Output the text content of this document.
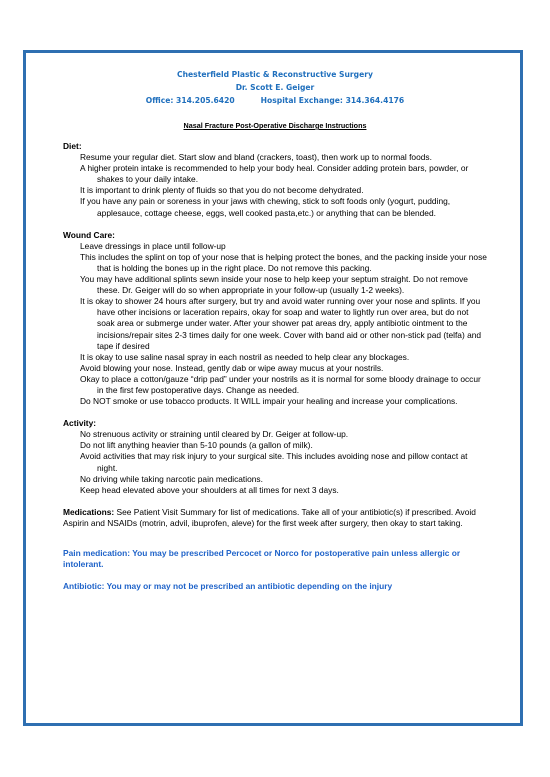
Chesterfield Plastic & Reconstructive Surgery
Dr. Scott E. Geiger
Office: 314.205.6420	Hospital Exchange: 314.364.4176
Nasal Fracture Post-Operative Discharge Instructions
Diet:
Resume your regular diet. Start slow and bland (crackers, toast), then work up to normal foods.
A higher protein intake is recommended to help your body heal. Consider adding protein bars, powder, or shakes to your daily intake.
It is important to drink plenty of fluids so that you do not become dehydrated.
If you have any pain or soreness in your jaws with chewing, stick to soft foods only (yogurt, pudding, applesauce, cottage cheese, eggs, well cooked pasta,etc.) or anything that can be blended.
Wound Care:
Leave dressings in place until follow-up
This includes the splint on top of your nose that is helping protect the bones, and the packing inside your nose that is holding the bones up in the right place. Do not remove this packing.
You may have additional splints sewn inside your nose to help keep your septum straight. Do not remove these. Dr. Geiger will do so when appropriate in your follow-up (usually 1-2 weeks).
It is okay to shower 24 hours after surgery, but try and avoid water running over your nose and splints. If you have other incisions or laceration repairs, okay for soap and water to lightly run over area, but do not soak area or submerge under water. After your shower pat areas dry, apply antibiotic ointment to the incisions/repair sites 2-3 times daily for one week. Cover with band aid or other non-stick pad (telfa) and tape if desired
It is okay to use saline nasal spray in each nostril as needed to help clear any blockages.
Avoid blowing your nose. Instead, gently dab or wipe away mucus at your nostrils.
Okay to place a cotton/gauze “drip pad” under your nostrils as it is normal for some bloody drainage to occur in the first few postoperative days. Change as needed.
Do NOT smoke or use tobacco products. It WILL impair your healing and increase your complications.
Activity:
No strenuous activity or straining until cleared by Dr. Geiger at follow-up.
Do not lift anything heavier than 5-10 pounds (a gallon of milk).
Avoid activities that may risk injury to your surgical site. This includes avoiding nose and pillow contact at night.
No driving while taking narcotic pain medications.
Keep head elevated above your shoulders at all times for next 3 days.

Medications: See Patient Visit Summary for list of medications. Take all of your antibiotic(s) if prescribed. Avoid Aspirin and NSAIDs (motrin, advil, ibuprofen, aleve) for the first week after surgery, then okay to start taking.

Pain medication: You may be prescribed Percocet or Norco for postoperative pain unless allergic or intolerant.

Antibiotic: You may or may not be prescribed an antibiotic depending on the injury
